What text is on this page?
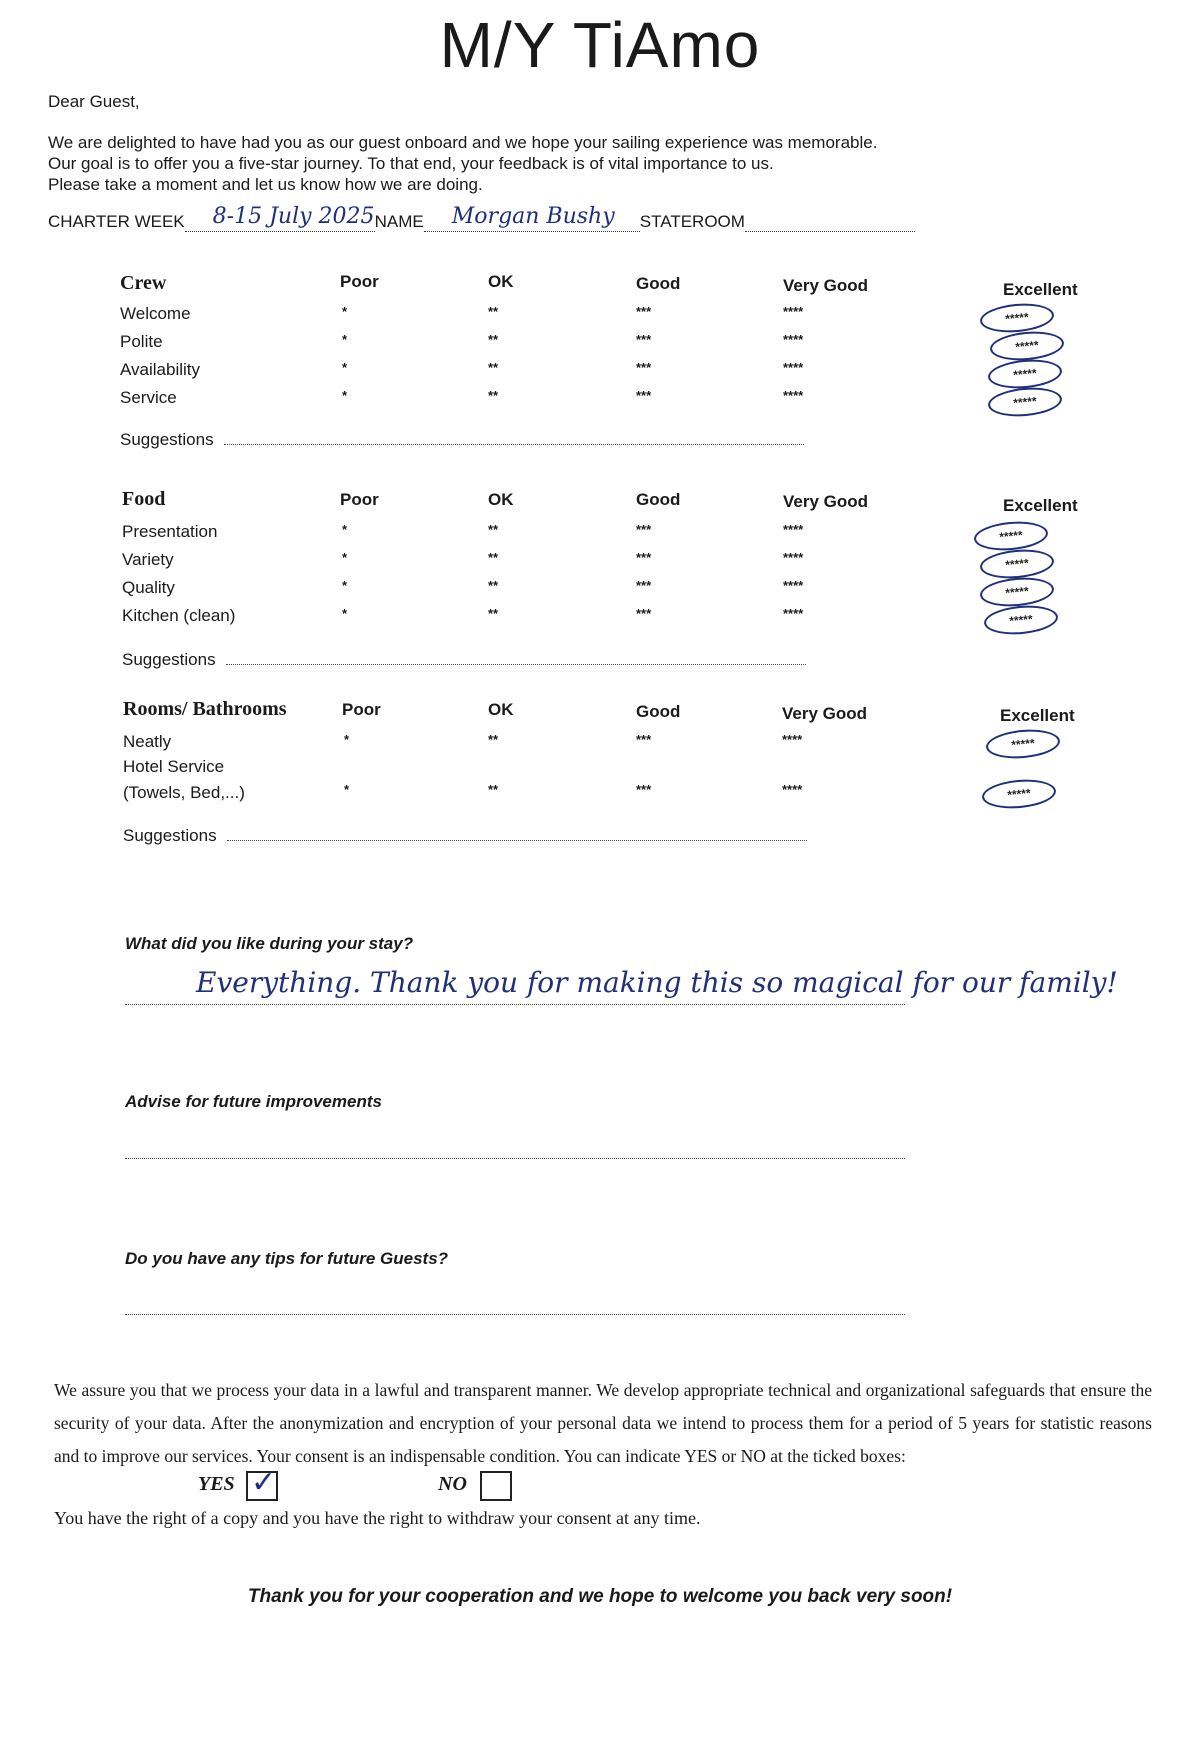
M/Y TiAmo
Dear Guest,
We are delighted to have had you as our guest onboard and we hope your sailing experience was memorable.
Our goal is to offer you a five-star journey. To that end, your feedback is of vital importance to us.
Please take a moment and let us know how we are doing.
CHARTER WEEK 8-15 July 2025 NAME Morgan Bushy STATEROOM
Crew	Poor	OK	Good	Very Good	Excellent
Welcome	*	**	***	****	*****
Polite	*	**	***	****	*****
Availability	*	**	***	****	*****
Service	*	**	***	****	*****
Suggestions
Food	Poor	OK	Good	Very Good	Excellent
Presentation	*	**	***	****	*****
Variety	*	**	***	****	*****
Quality	*	**	***	****	*****
Kitchen (clean)	*	**	***	****	*****
Suggestions
Rooms/ Bathrooms	Poor	OK	Good	Very Good	Excellent
Neatly	*	**	***	****	*****
Hotel Service (Towels, Bed,...)	*	**	***	****	*****
Suggestions
What did you like during your stay?
Everything. Thank you for making this so magical for our family!
Advise for future improvements
Do you have any tips for future Guests?
We assure you that we process your data in a lawful and transparent manner. We develop appropriate technical and organizational safeguards that ensure the security of your data. After the anonymization and encryption of your personal data we intend to process them for a period of 5 years for statistic reasons and to improve our services. Your consent is an indispensable condition. You can indicate YES or NO at the ticked boxes:
YES ✓	NO
You have the right of a copy and you have the right to withdraw your consent at any time.
Thank you for your cooperation and we hope to welcome you back very soon!
